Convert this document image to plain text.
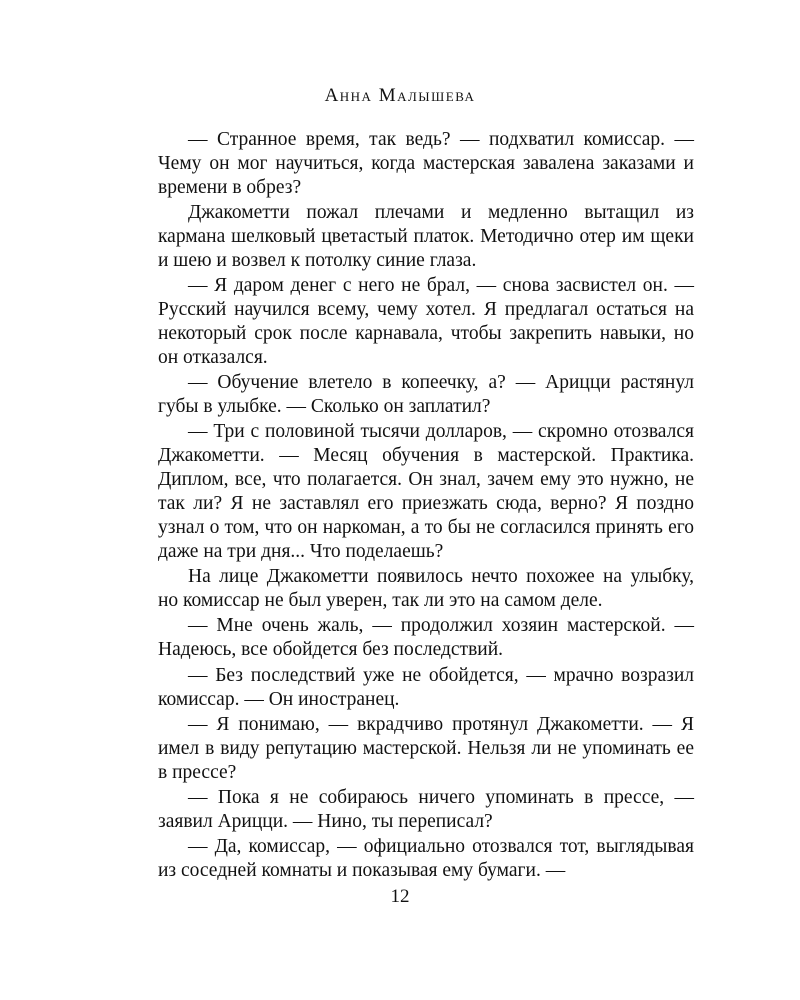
Анна Малышева

— Странное время, так ведь? — подхватил комиссар. — Чему он мог научиться, когда мастерская завалена заказами и времени в обрез?

Джакометти пожал плечами и медленно вытащил из кармана шелковый цветастый платок. Методично отер им щеки и шею и возвел к потолку синие глаза.

— Я даром денег с него не брал, — снова засвистел он. — Русский научился всему, чему хотел. Я предлагал остаться на некоторый срок после карнавала, чтобы закрепить навыки, но он отказался.

— Обучение влетело в копеечку, а? — Арицци растянул губы в улыбке. — Сколько он заплатил?

— Три с половиной тысячи долларов, — скромно отозвался Джакометти. — Месяц обучения в мастерской. Практика. Диплом, все, что полагается. Он знал, зачем ему это нужно, не так ли? Я не заставлял его приезжать сюда, верно? Я поздно узнал о том, что он наркоман, а то бы не согласился принять его даже на три дня... Что поделаешь?

На лице Джакометти появилось нечто похожее на улыбку, но комиссар не был уверен, так ли это на самом деле.

— Мне очень жаль, — продолжил хозяин мастерской. — Надеюсь, все обойдется без последствий.

— Без последствий уже не обойдется, — мрачно возразил комиссар. — Он иностранец.

— Я понимаю, — вкрадчиво протянул Джакометти. — Я имел в виду репутацию мастерской. Нельзя ли не упоминать ее в прессе?

— Пока я не собираюсь ничего упоминать в прессе, — заявил Арицци. — Нино, ты переписал?

— Да, комиссар, — официально отозвался тот, выглядывая из соседней комнаты и показывая ему бумаги. —

12
